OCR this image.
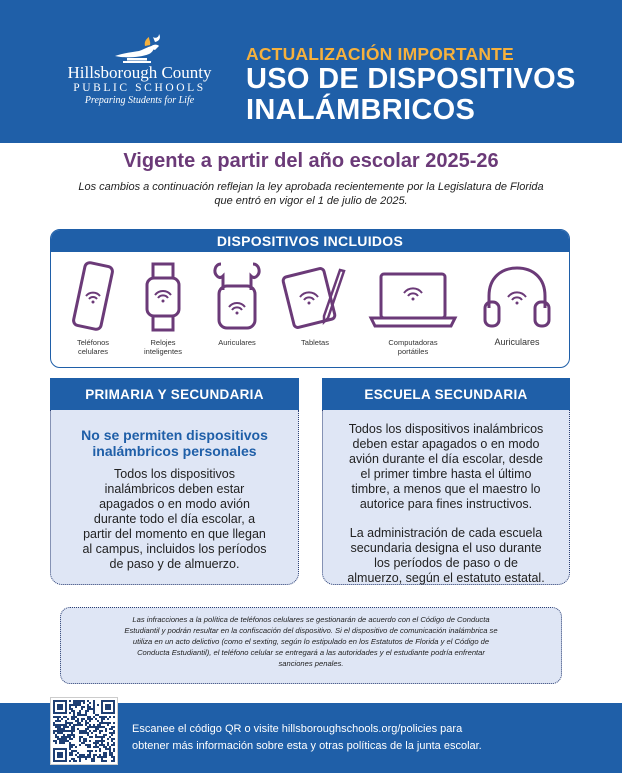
Hillsborough County
PUBLIC SCHOOLS
Preparing Students for Life
ACTUALIZACIÓN IMPORTANTE
USO DE DISPOSITIVOS
INALÁMBRICOS
Vigente a partir del año escolar 2025-26
Los cambios a continuación reflejan la ley aprobada recientemente por la Legislatura de Florida
que entró en vigor el 1 de julio de 2025.
DISPOSITIVOS INCLUIDOS
Teléfonos
celulares
Relojes
inteligentes
Auriculares	Tabletas	Computadoras
portátiles
Auriculares
PRIMARIA Y SECUNDARIA
No se permiten dispositivos
inalámbricos personales
Todos los dispositivos
inalámbricos deben estar
apagados o en modo avión
durante todo el día escolar, a
partir del momento en que llegan
al campus, incluidos los períodos
de paso y de almuerzo.
ESCUELA SECUNDARIA
Todos los dispositivos inalámbricos
deben estar apagados o en modo
avión durante el día escolar, desde
el primer timbre hasta el último
timbre, a menos que el maestro lo
autorice para fines instructivos.
La administración de cada escuela
secundaria designa el uso durante
los períodos de paso o de
almuerzo, según el estatuto estatal.
Las infracciones a la política de teléfonos celulares se gestionarán de acuerdo con el Código de Conducta
Estudiantil y podrán resultar en la confiscación del dispositivo. Si el dispositivo de comunicación inalámbrica se
utiliza en un acto delictivo (como el sexting, según lo estipulado en los Estatutos de Florida y el Código de
Conducta Estudiantil), el teléfono celular se entregará a las autoridades y el estudiante podría enfrentar
sanciones penales.
Escanee el código QR o visite hillsboroughschools.org/policies para
obtener más información sobre esta y otras políticas de la junta escolar.
